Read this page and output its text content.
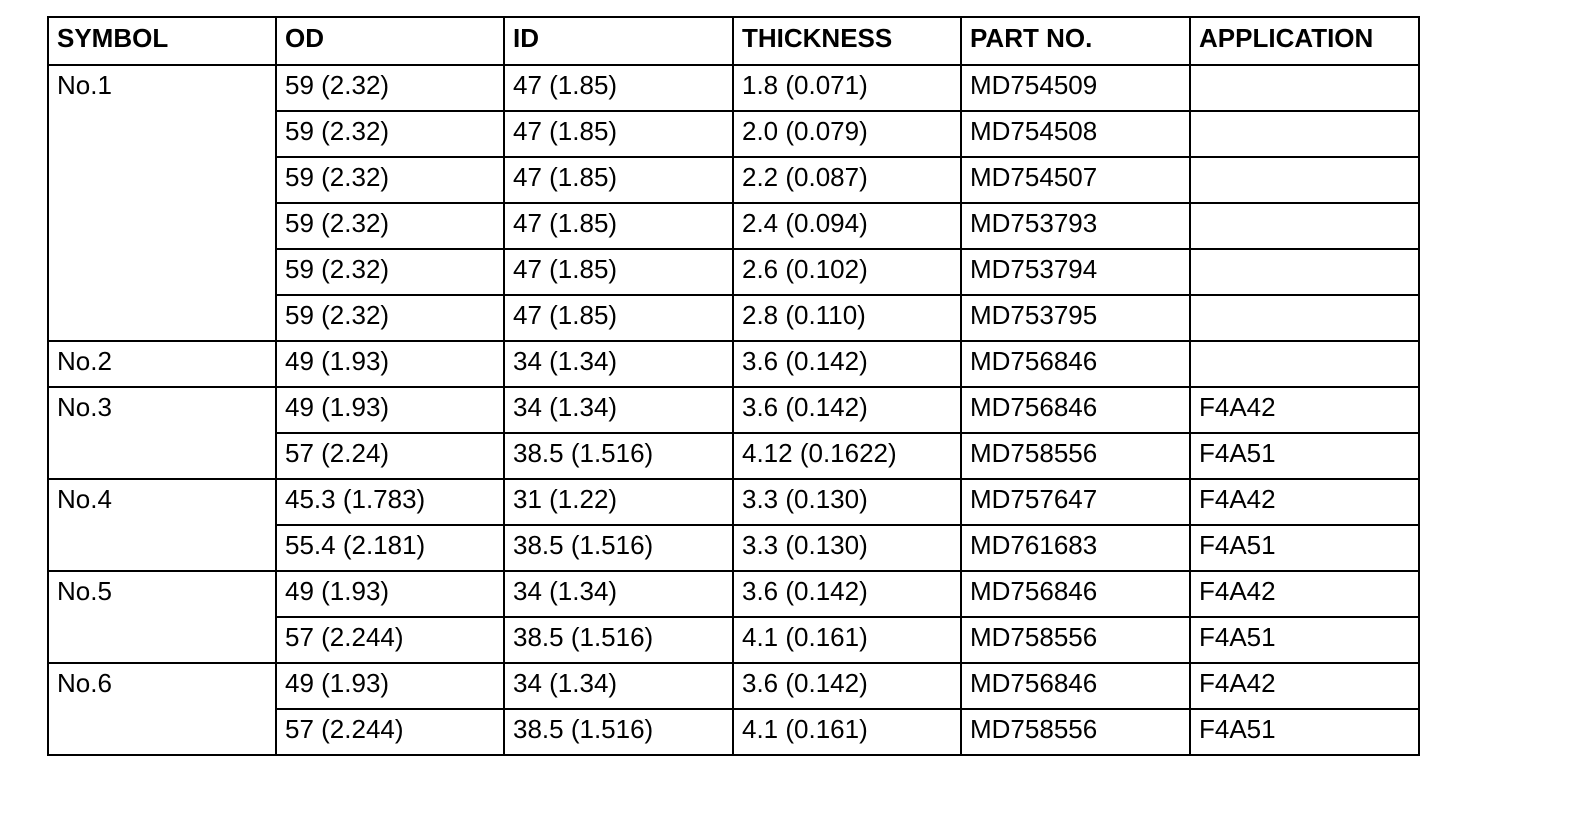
SYMBOL	OD	ID	THICKNESS	PART NO.	APPLICATION
No.1	59 (2.32)	47 (1.85)	1.8 (0.071)	MD754509	
	59 (2.32)	47 (1.85)	2.0 (0.079)	MD754508	
	59 (2.32)	47 (1.85)	2.2 (0.087)	MD754507	
	59 (2.32)	47 (1.85)	2.4 (0.094)	MD753793	
	59 (2.32)	47 (1.85)	2.6 (0.102)	MD753794	
	59 (2.32)	47 (1.85)	2.8 (0.110)	MD753795	
No.2	49 (1.93)	34 (1.34)	3.6 (0.142)	MD756846	
No.3	49 (1.93)	34 (1.34)	3.6 (0.142)	MD756846	F4A42
	57 (2.24)	38.5 (1.516)	4.12 (0.1622)	MD758556	F4A51
No.4	45.3 (1.783)	31 (1.22)	3.3 (0.130)	MD757647	F4A42
	55.4 (2.181)	38.5 (1.516)	3.3 (0.130)	MD761683	F4A51
No.5	49 (1.93)	34 (1.34)	3.6 (0.142)	MD756846	F4A42
	57 (2.244)	38.5 (1.516)	4.1 (0.161)	MD758556	F4A51
No.6	49 (1.93)	34 (1.34)	3.6 (0.142)	MD756846	F4A42
	57 (2.244)	38.5 (1.516)	4.1 (0.161)	MD758556	F4A51
